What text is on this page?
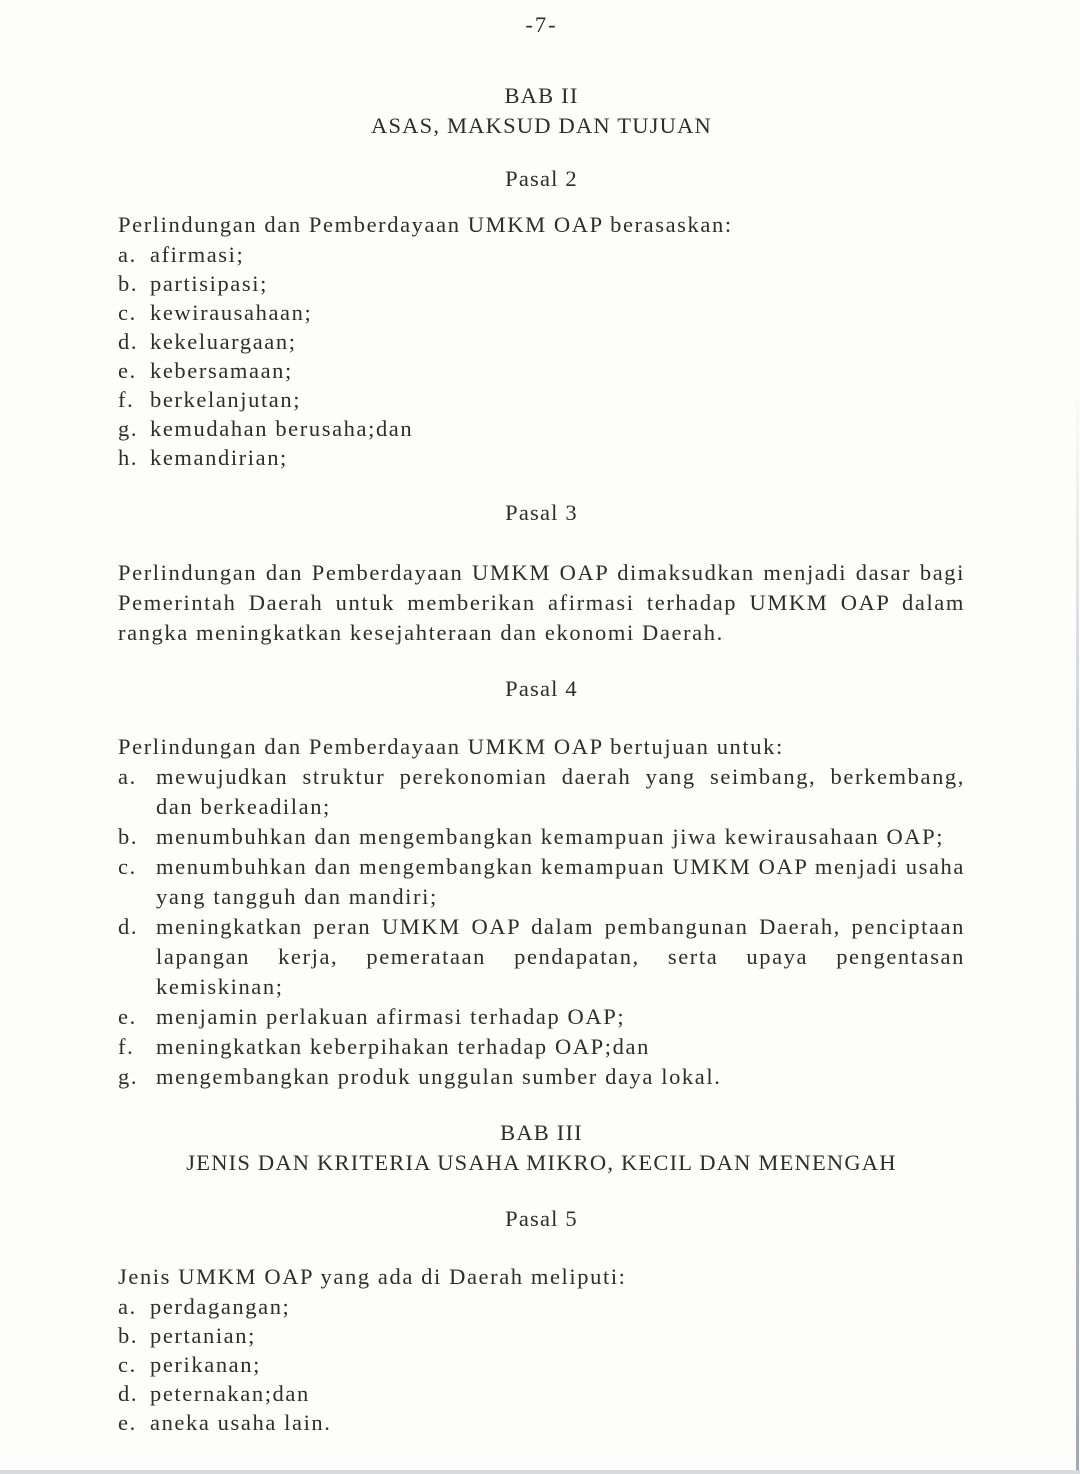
-7-
BAB II
ASAS, MAKSUD DAN TUJUAN
Pasal 2

Perlindungan dan Pemberdayaan UMKM OAP berasaskan:

a. afirmasi;
b. partisipasi;
c. kewirausahaan;
d. kekeluargaan;
e. kebersamaan;
f. berkelanjutan;
g. kemudahan berusaha;dan
h. kemandirian;
Pasal 3

Perlindungan dan Pemberdayaan UMKM OAP dimaksudkan menjadi dasar bagi Pemerintah Daerah untuk memberikan afirmasi terhadap UMKM OAP dalam rangka meningkatkan kesejahteraan dan ekonomi Daerah.

Pasal 4

Perlindungan dan Pemberdayaan UMKM OAP bertujuan untuk:

a. mewujudkan struktur perekonomian daerah yang seimbang, berkembang, dan berkeadilan;
b. menumbuhkan dan mengembangkan kemampuan jiwa kewirausahaan OAP;
c. menumbuhkan dan mengembangkan kemampuan UMKM OAP menjadi usaha yang tangguh dan mandiri;
d. meningkatkan peran UMKM OAP dalam pembangunan Daerah, penciptaan lapangan kerja, pemerataan pendapatan, serta upaya pengentasan kemiskinan;
e. menjamin perlakuan afirmasi terhadap OAP;
f. meningkatkan keberpihakan terhadap OAP;dan
g. mengembangkan produk unggulan sumber daya lokal.
BAB III
JENIS DAN KRITERIA USAHA MIKRO, KECIL DAN MENENGAH
Pasal 5

Jenis UMKM OAP yang ada di Daerah meliputi:

a. perdagangan;
b. pertanian;
c. perikanan;
d. peternakan;dan
e. aneka usaha lain.
